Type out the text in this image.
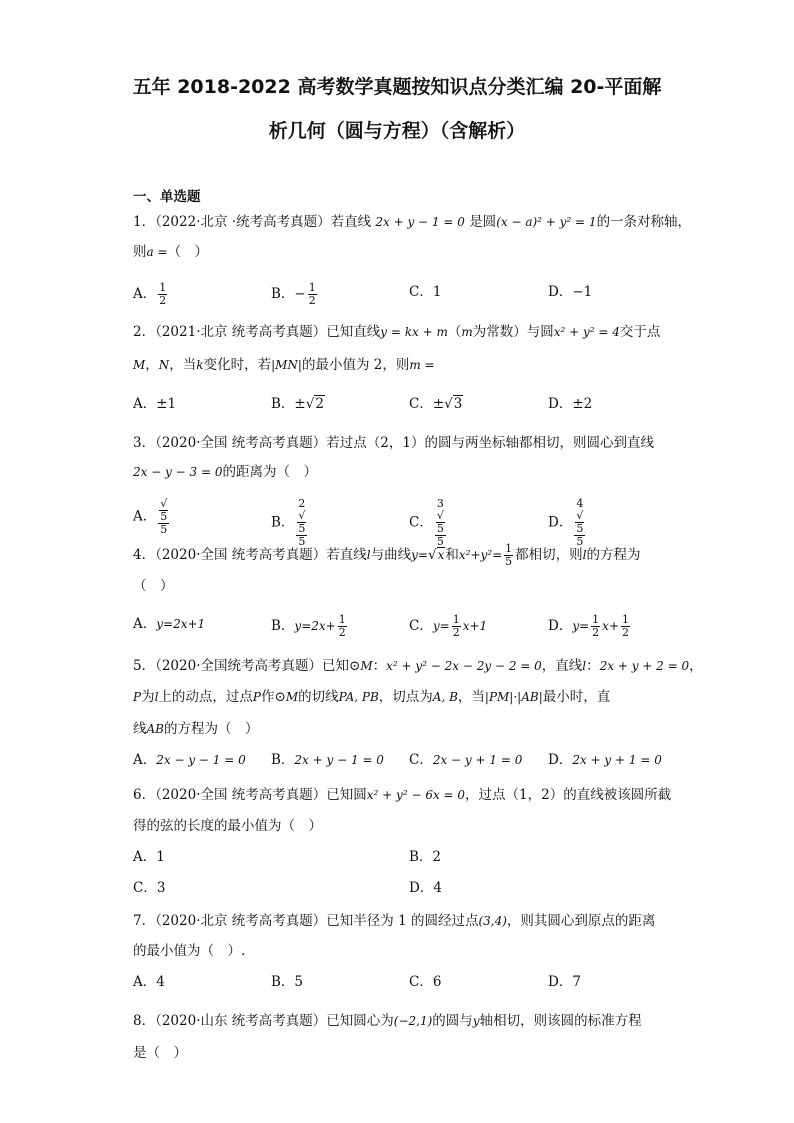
五年 2018-2022 高考数学真题按知识点分类汇编 20-平面解
析几何（圆与方程）（含解析）
一、单选题
1．（2022·北京 ·统考高考真题）若直线 2x + y − 1 = 0 是圆(x − a)² + y² = 1的一条对称轴，
则a =（　）
A． $\frac{1}{2}$	B．− $\frac{1}{2}$	C．1	D．−1
2．（2021·北京 统考高考真题）已知直线y = kx + m（m为常数）与圆x² + y² = 4交于点
M，N，当k变化时，若|MN|的最小值为 2，则m =
A．±1	B．±√2	C．±√3	D．±2
3．（2020·全国 统考高考真题）若过点（2，1）的圆与两坐标轴都相切，则圆心到直线
2x − y − 3 = 0的距离为（　）
A． √
5
5	B． 2
√
5
5	C． 3
√
5
5	D． 4
√
5
5
4．（2020·全国 统考高考真题）若直线l与曲线y=√x和$x^2+y^2= \frac{1}{5}$ 都相切，则l的方程为
（　）
A．y=2x+1	B．$y=2x+ \frac{1}{2}$	C．$y= \frac{1}{2} x+1$	D．$y= \frac{1}{2} x+ \frac{1}{2}$
5．（2020·全国统考高考真题）已知⊙M：x² + y² − 2x − 2y − 2 = 0，直线l：2x + y + 2 = 0，
P为l上的动点，过点P作⊙M的切线PA, PB，切点为A, B，当|PM|·|AB|最小时，直
线AB的方程为（　）
A．2x − y − 1 = 0 B．2x + y − 1 = 0 C．2x − y + 1 = 0 D．2x + y + 1 = 0
6．（2020·全国 统考高考真题）已知圆x² + y² − 6x = 0，过点（1，2）的直线被该圆所截
得的弦的长度的最小值为（　）
A．1	B．2
C．3	D．4
7．（2020·北京 统考高考真题）已知半径为 1 的圆经过点(3,4)，则其圆心到原点的距离
的最小值为（　）.
A．4	B．5	C．6	D．7
8．（2020·山东 统考高考真题）已知圆心为(−2,1)的圆与y轴相切，则该圆的标准方程
是（　）
